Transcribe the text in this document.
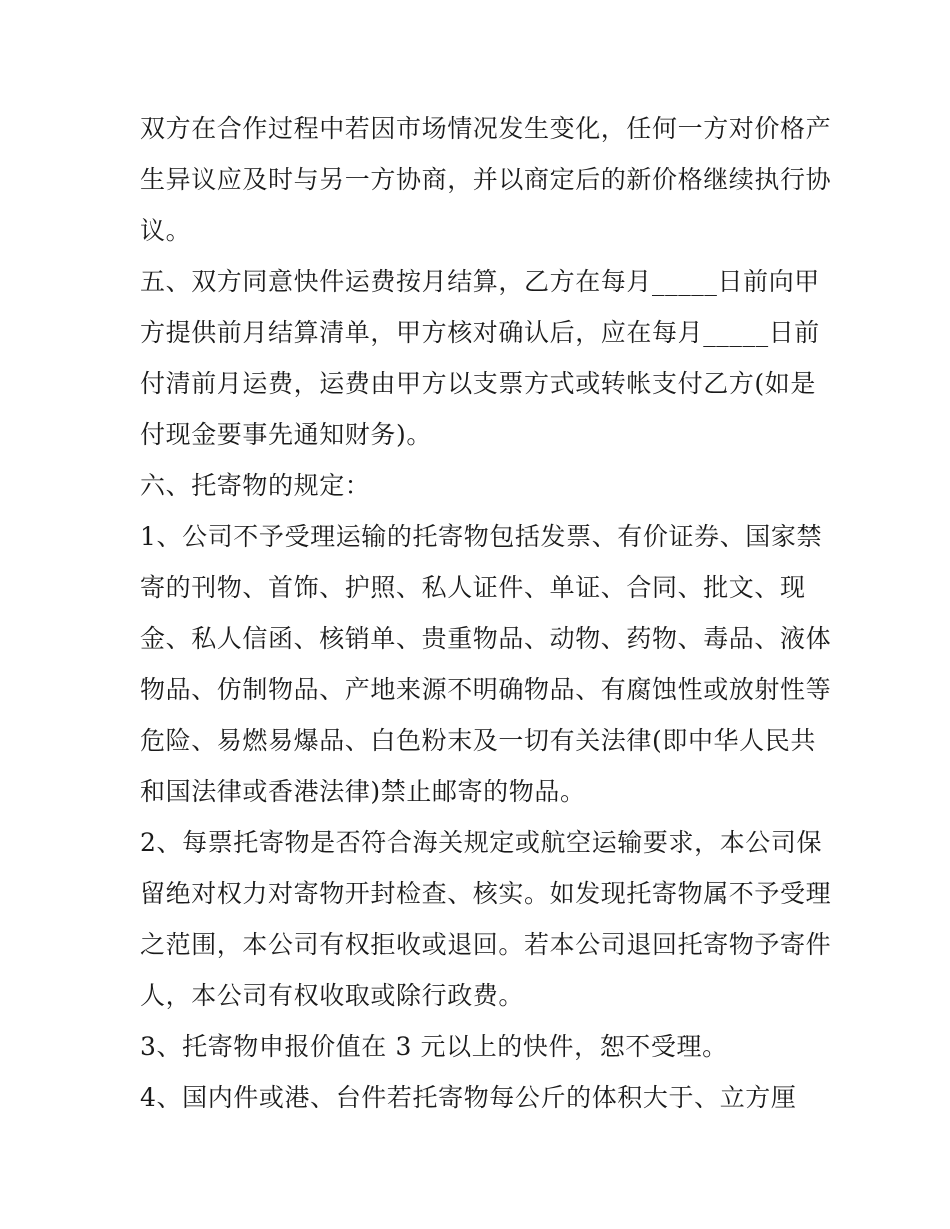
双方在合作过程中若因市场情况发生变化，任何一方对价格产
生异议应及时与另一方协商，并以商定后的新价格继续执行协
议。
五、双方同意快件运费按月结算，乙方在每月_____日前向甲
方提供前月结算清单，甲方核对确认后，应在每月_____日前
付清前月运费，运费由甲方以支票方式或转帐支付乙方(如是
付现金要事先通知财务)。
六、托寄物的规定：
1、公司不予受理运输的托寄物包括发票、有价证券、国家禁
寄的刊物、首饰、护照、私人证件、单证、合同、批文、现
金、私人信函、核销单、贵重物品、动物、药物、毒品、液体
物品、仿制物品、产地来源不明确物品、有腐蚀性或放射性等
危险、易燃易爆品、白色粉末及一切有关法律(即中华人民共
和国法律或香港法律)禁止邮寄的物品。
2、每票托寄物是否符合海关规定或航空运输要求，本公司保
留绝对权力对寄物开封检查、核实。如发现托寄物属不予受理
之范围，本公司有权拒收或退回。若本公司退回托寄物予寄件
人，本公司有权收取或除行政费。
3、托寄物申报价值在 3 元以上的快件，恕不受理。
4、国内件或港、台件若托寄物每公斤的体积大于、立方厘
